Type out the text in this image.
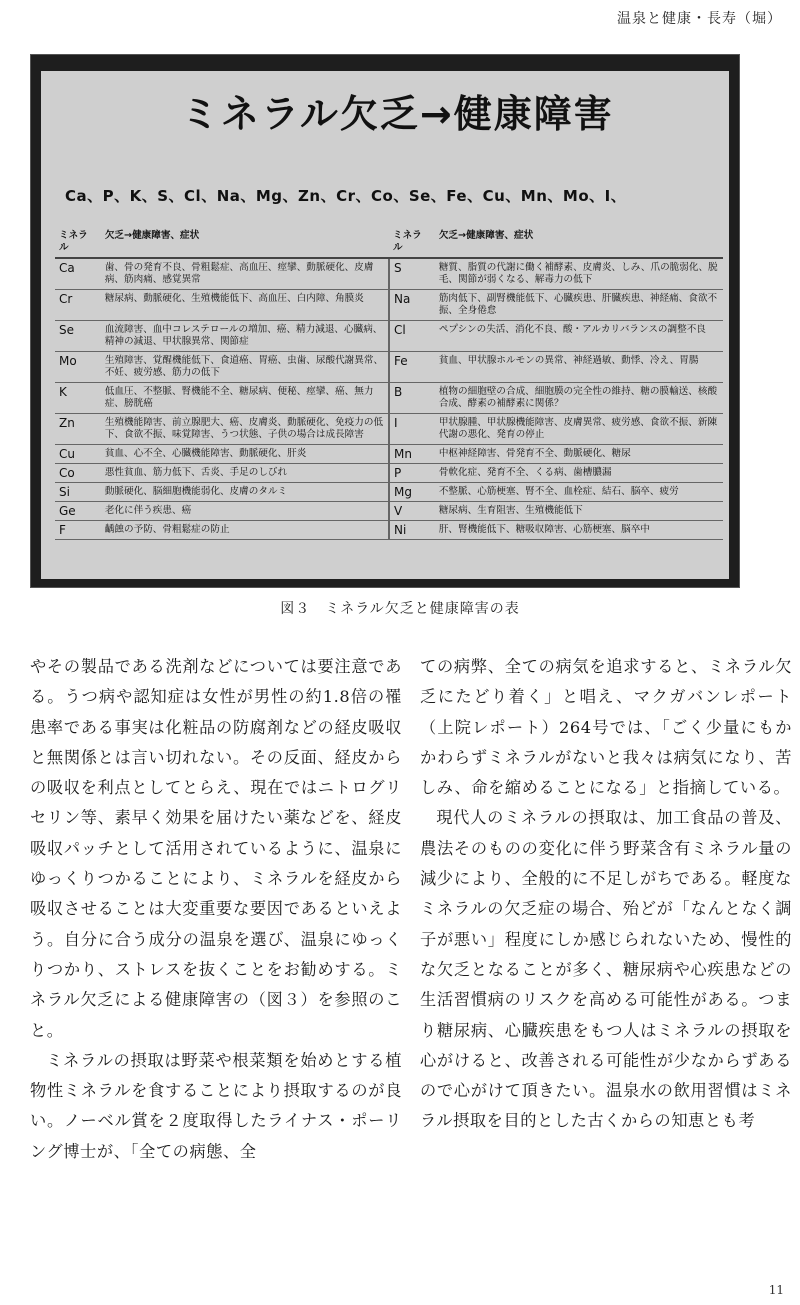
温泉と健康・長寿（堀）
ミネラル欠乏→健康障害
Ca、P、K、S、Cl、Na、Mg、Zn、Cr、Co、Se、Fe、Cu、Mn、Mo、I、
ミネラル	欠乏→健康障害、症状	ミネラル	欠乏→健康障害、症状
Ca	歯、骨の発育不良、骨粗鬆症、高血圧、痙攣、動脈硬化、皮膚病、筋肉痛、感覚異常	S	糖質、脂質の代謝に働く補酵素、皮膚炎、しみ、爪の脆弱化、脱毛、関節が弱くなる、解毒力の低下
Cr	糖尿病、動脈硬化、生殖機能低下、高血圧、白内障、角膜炎	Na	筋肉低下、副腎機能低下、心臓疾患、肝臓疾患、神経痛、食欲不振、全身倦怠
Se	血流障害、血中コレステロールの増加、癌、精力減退、心臓病、精神の減退、甲状腺異常、関節症	Cl	ペプシンの失活、消化不良、酸・アルカリバランスの調整不良
Mo	生殖障害、覚醒機能低下、食道癌、胃癌、虫歯、尿酸代謝異常、不妊、疲労感、筋力の低下	Fe	貧血、甲状腺ホルモンの異常、神経過敏、動悸、冷え、胃腸
K	低血圧、不整脈、腎機能不全、糖尿病、便秘、痙攣、癌、無力症、膀胱癌	B	植物の細胞壁の合成、細胞膜の完全性の維持、糖の膜輸送、核酸合成、酵素の補酵素に関係？
Zn	生殖機能障害、前立腺肥大、癌、皮膚炎、動脈硬化、免疫力の低下、食欲不振、味覚障害、うつ状態、子供の場合は成長障害	I	甲状腺腫、甲状腺機能障害、皮膚異常、疲労感、食欲不振、新陳代謝の悪化、発育の停止
Cu	貧血、心不全、心臓機能障害、動脈硬化、肝炎	Mn	中枢神経障害、骨発育不全、動脈硬化、糖尿
Co	悪性貧血、筋力低下、舌炎、手足のしびれ	P	骨軟化症、発育不全、くる病、歯槽膿漏
Si	動脈硬化、脳細胞機能弱化、皮膚のタルミ	Mg	不整脈、心筋梗塞、腎不全、血栓症、結石、脳卒、疲労
Ge	老化に伴う疾患、癌	V	糖尿病、生育阻害、生殖機能低下
F	齲蝕の予防、骨粗鬆症の防止	Ni	肝、腎機能低下、糖吸収障害、心筋梗塞、脳卒中
図３　ミネラル欠乏と健康障害の表

やその製品である洗剤などについては要注意である。うつ病や認知症は女性が男性の約1.8倍の罹患率である事実は化粧品の防腐剤などの経皮吸収と無関係とは言い切れない。その反面、経皮からの吸収を利点としてとらえ、現在ではニトログリセリン等、素早く効果を届けたい薬などを、経皮吸収パッチとして活用されているように、温泉にゆっくりつかることにより、ミネラルを経皮から吸収させることは大変重要な要因であるといえよう。自分に合う成分の温泉を選び、温泉にゆっくりつかり、ストレスを抜くことをお勧めする。ミネラル欠乏による健康障害の（図３）を参照のこと。

ミネラルの摂取は野菜や根菜類を始めとする植物性ミネラルを食することにより摂取するのが良い。ノーベル賞を２度取得したライナス・ポーリング博士が、「全ての病態、全

ての病弊、全ての病気を追求すると、ミネラル欠乏にたどり着く」と唱え、マクガバンレポート（上院レポート）264号では、「ごく少量にもかかわらずミネラルがないと我々は病気になり、苦しみ、命を縮めることになる」と指摘している。

現代人のミネラルの摂取は、加工食品の普及、農法そのものの変化に伴う野菜含有ミネラル量の減少により、全般的に不足しがちである。軽度なミネラルの欠乏症の場合、殆どが「なんとなく調子が悪い」程度にしか感じられないため、慢性的な欠乏となることが多く、糖尿病や心疾患などの生活習慣病のリスクを高める可能性がある。つまり糖尿病、心臓疾患をもつ人はミネラルの摂取を心がけると、改善される可能性が少なからずあるので心がけて頂きたい。温泉水の飲用習慣はミネラル摂取を目的とした古くからの知恵とも考

11
